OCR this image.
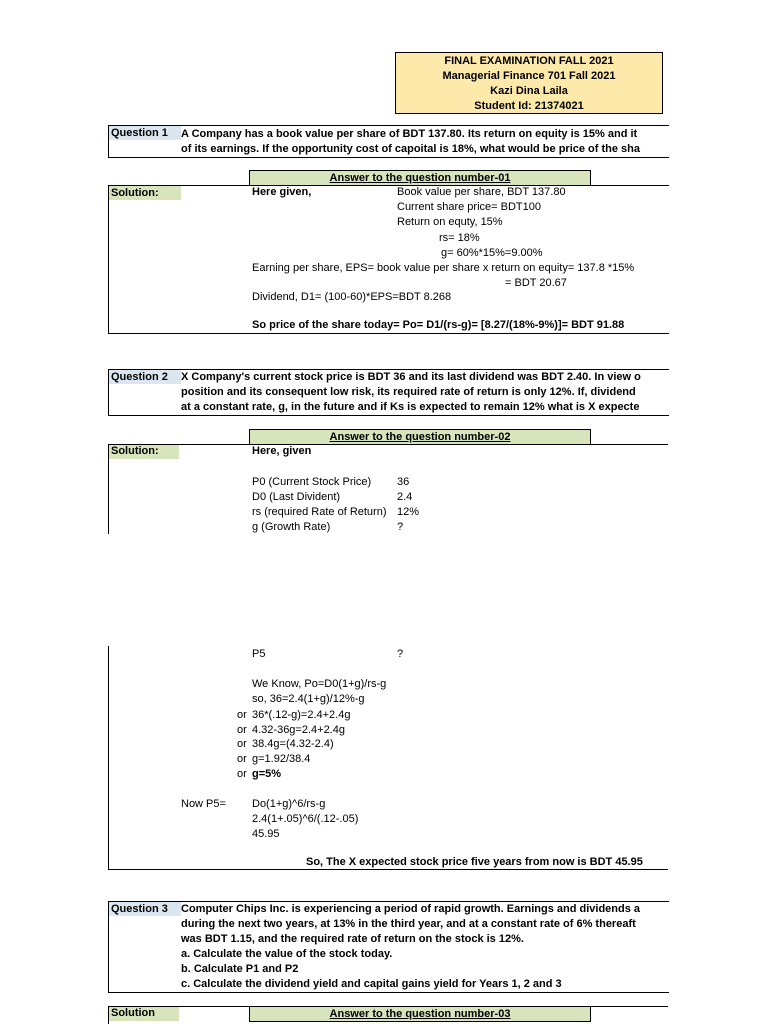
FINAL EXAMINATION FALL 2021
Managerial Finance 701 Fall 2021
Kazi Dina Laila
Student Id: 21374021
Question 1	A Company has a book value per share of BDT 137.80. Its return on equity is 15% and it
of its earnings. If the opportunity cost of capoital is 18%, what would be price of the sha
Answer to the question number-01
Solution:	Here given,	Book value per share, BDT 137.80
Current share price= BDT100
Return on equty, 15%
rs= 18%
g= 60%*15%=9.00%
Earning per share, EPS= book value per share x return on equity= 137.8 *15%
= BDT 20.67
Dividend, D1= (100-60)*EPS=BDT 8.268
So price of the share today= Po= D1/(rs-g)= [8.27/(18%-9%)]= BDT 91.88
Question 2	X Company's current stock price is BDT 36 and its last dividend was BDT 2.40. In view o
position and its consequent low risk, its required rate of return is only 12%. If, dividend
at a constant rate, g, in the future and if Ks is expected to remain 12% what is X expecte
Answer to the question number-02
Solution:	Here, given
P0 (Current Stock Price) 36
D0 (Last Divident)	2.4
rs (required Rate of Return) 12%
g (Growth Rate)	?
P5	?
We Know, Po=D0(1+g)/rs-g
so, 36=2.4(1+g)/12%-g
or 36*(.12-g)=2.4+2.4g
or 4.32-36g=2.4+2.4g
or 38.4g=(4.32-2.4)
or g=1.92/38.4
or g=5%
Now P5= Do(1+g)^6/rs-g
2.4(1+.05)^6/(.12-.05)
45.95
So, The X expected stock price five years from now is BDT 45.95
Question 3	Computer Chips Inc. is experiencing a period of rapid growth. Earnings and dividends a
during the next two years, at 13% in the third year, and at a constant rate of 6% thereaft
was BDT 1.15, and the required rate of return on the stock is 12%.
a. Calculate the value of the stock today.
b. Calculate P1 and P2
c. Calculate the dividend yield and capital gains yield for Years 1, 2 and 3
Solution	Answer to the question number-03
